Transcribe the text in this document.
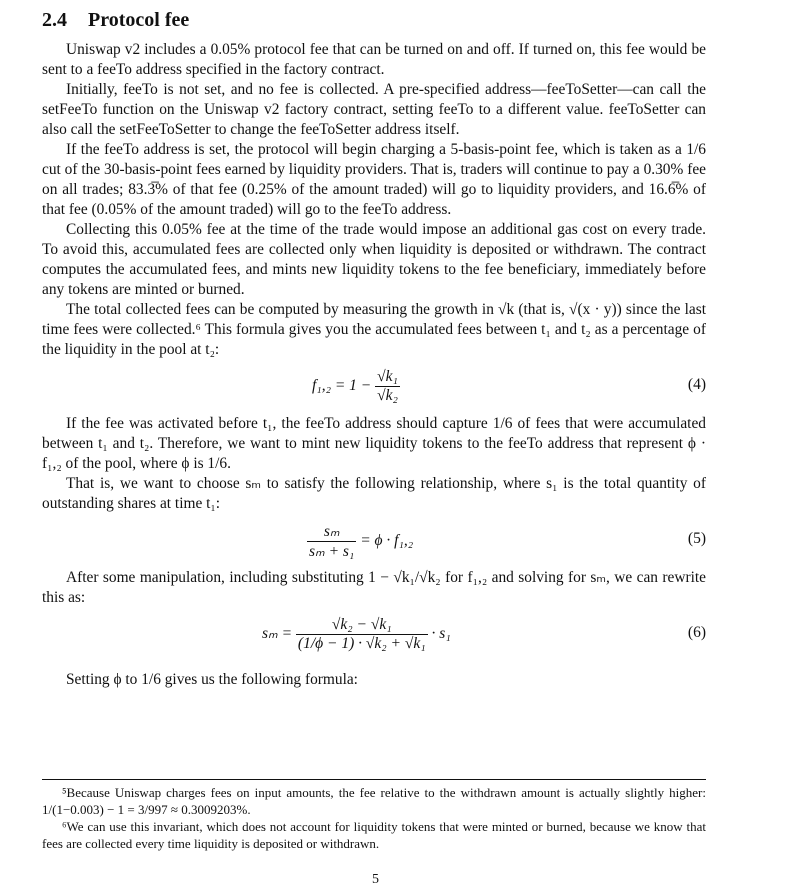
2.4 Protocol fee

Uniswap v2 includes a 0.05% protocol fee that can be turned on and off. If turned on, this fee would be sent to a feeTo address specified in the factory contract.

Initially, feeTo is not set, and no fee is collected. A pre-specified address—feeToSetter—can call the setFeeTo function on the Uniswap v2 factory contract, setting feeTo to a different value. feeToSetter can also call the setFeeToSetter to change the feeToSetter address itself.

If the feeTo address is set, the protocol will begin charging a 5-basis-point fee, which is taken as a 1/6 cut of the 30-basis-point fees earned by liquidity providers. That is, traders will continue to pay a 0.30% fee on all trades; 83.3̅% of that fee (0.25% of the amount traded) will go to liquidity providers, and 16.6̅% of that fee (0.05% of the amount traded) will go to the feeTo address.

Collecting this 0.05% fee at the time of the trade would impose an additional gas cost on every trade. To avoid this, accumulated fees are collected only when liquidity is deposited or withdrawn. The contract computes the accumulated fees, and mints new liquidity tokens to the fee beneficiary, immediately before any tokens are minted or burned.

The total collected fees can be computed by measuring the growth in √k (that is, √(x · y)) since the last time fees were collected.⁶ This formula gives you the accumulated fees between t₁ and t₂ as a percentage of the liquidity in the pool at t₂:

$f_1,_2 = 1 - \frac{\text{√k₁}}{\text{√k₂}}$	(4)

If the fee was activated before t₁, the feeTo address should capture 1/6 of fees that were accumulated between t₁ and t₂. Therefore, we want to mint new liquidity tokens to the feeTo address that represent ϕ · f₁,₂ of the pool, where ϕ is 1/6.

That is, we want to choose sₘ to satisfy the following relationship, where s₁ is the total quantity of outstanding shares at time t₁:

$\frac{\text{sₘ}}{\text{sₘ + s₁}} = \phi \cdot f_1,_2$	(5)

After some manipulation, including substituting 1 − √k₁/√k₂ for f₁,₂ and solving for sₘ, we can rewrite this as:

$s_m = \frac{\text{√k₂ − √k₁}}{\text{(1/ϕ − 1) · √k₂ + √k₁}} \cdot s_1$	(6)

Setting ϕ to 1/6 gives us the following formula:

⁵Because Uniswap charges fees on input amounts, the fee relative to the withdrawn amount is actually slightly higher: 1/(1−0.003) − 1 = 3/997 ≈ 0.3009203%.
⁶We can use this invariant, which does not account for liquidity tokens that were minted or burned, because we know that fees are collected every time liquidity is deposited or withdrawn.
5
